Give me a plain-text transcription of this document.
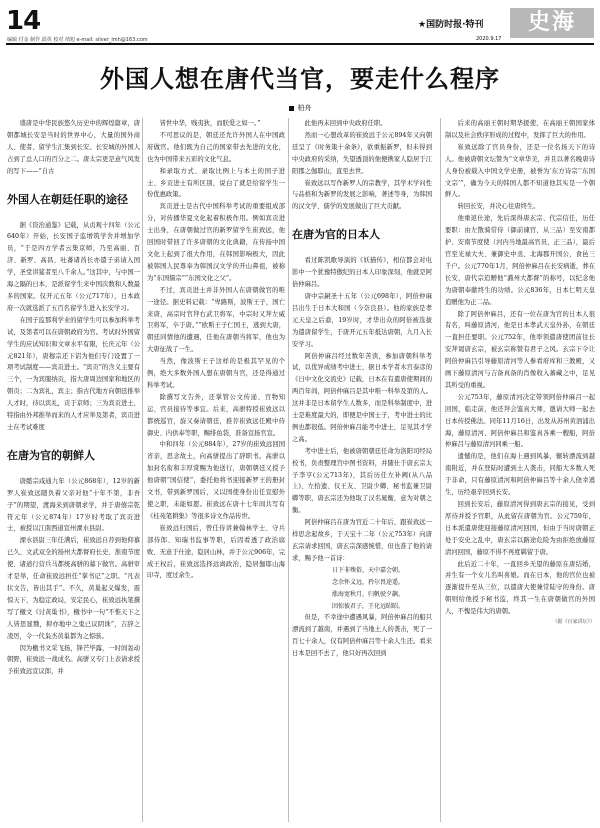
14
编辑 付金 制作 邱英 校对 靖旭 e-mail: silver_lmh@163.com
★国防时报·特刊
2020.9.17
史海
外国人想在唐代当官，要走什么程序
柏舟

盛唐是中华民族悠久历史中的辉煌篇章，唐朝都城长安是当时的世界中心，大量的国外商人、使者、留学生汇集到长安。长安城的外国人占到了总人口的百分之二。唐太宗更是意气风发的写下——“自古

外国人在朝廷任职的途径

据《资治通鉴》记载，从贞观十四年（公元640年）开始，长安国子监增筑学舍并增加学员，“于是四方学者云集京师，乃至高丽、百济、新罗、高昌、吐蕃诸酋长亦遣子弟请入国学，圣堂讲筵者至八千余人。”这其中，与中国一海之隔的日本，是派留学生来中国次数和人数最多的国家。仅开元五年（公元717年），日本政府一次就选派了五百名留学生进入长安学习。

在国子监那利学业的留学生可以参加科举考试，及第者可以在唐朝政府为官。考试时外国留学生的应试知识和文章水平有限，长庆元年（公元821年），唐穆宗还下诏为他们专门设置了一项考试制度——宾贡进士。“宾贡”的含义主要有三个，一为宾服纳贡，指大唐周边国家和地区的朝贡；二为宾礼，宾主；指古代地方向朝廷推举人才时，待以宾礼，贡于京师；三为宾贡进士，特指由外邦推举而来的人才应举及第者，宾贡进士在考试难度

在唐为官的朝鲜人

唐懿宗咸通九年（公元868年），12岁的新罗人崔致远随负着父亲对他“十年不第，非吾子”的期望，渡海来到唐朝求学，并于唐僖宗乾符元年（公元874年）17岁时考取了宾贡进士，被授以江南西道宣州溧水县尉。

溧水县尉三年任满后，崔致远自荐到他仰慕已久、文武双全的扬州大都督府长史、淮南节度使、诸道行营兵马都统高骈的幕下做官。高骈审才是举，任命崔致远担任“掌书记”之职。“凡表状文告，皆出其手”。不久，黄巢起义爆发，震惊天下，为稳定政局，安定民心，崔致远执笔撰写了檄文《讨黄巢书》，檄书中一句“不惟天下之人皆思显戮，抑亦地中之鬼已议阴诛”，吉辞之凌厉，令一代枭杰黄巢都为之惊骇。

因为檄书文采飞扬，锋芒毕露，一时间轰动朝野，崔致远一战成名。高骈又专门上表请求授予崔致远宣议郎，并

皆世中华，贱夷狄，而朕爱之如一。”

不可思议的是，朝廷还允许外国人在中国政府做官。他们既为自己的国家带去先进的文化，也为中国带来五彩的文化气息。

和录取方式、录取比例上与本土的国子进士、乡贡进士有所区别，说白了就是给留学生一份优惠政策。

宾贡进士是古代中国科举考试的重要组成部分，对传播华夏文化起着积极作用。例如宾贡进士出身，在唐朝做过官的新罗留学生崔致远，他回国时带回了许多唐朝的文化典籍，在传扬中国文化上起到了很大作用，在韩国影响极大，因此被韩国人民尊奉为韩国汉文学的开山鼻祖，被称为“东国儒宗”“东国文化之父”。

不过，宾贡进士并非外国人在唐朝做官的唯一途径。据史料记载：“卑路斯，波斯王子，国亡来唐，高宗时官拜右武卫将军，中宗时又拜左威卫将军，卒于唐。”“欧斯王子仁国王，逃到大唐，朝廷同情他的遭遇，任他在唐朝当将军，他也为大唐征战了一生。

当然，像波斯王子这样的是极其罕见的个例，绝大多数外国人想在唐朝当官，还是得通过科举考试。

除撰写文告外，还掌管公文传递、宫物知运、官员接待等事宜。后来，高骈特授崔致远以都统巡官，旋又奏请朝廷，推荐崔致远任殿中侍御史、内供奉等职，赐绯鱼袋，准备宣扬官宣。

中和四年（公元884年），27岁的崔致远回国省亲，思念故土，向高骈提出了辞职书。高骈以加封名衔和丰厚赏赐为他送行，唐朝朝廷又授予他唐朝“国信使”，委托他将书迎接新罗王的册封文书，带到新罗国后，又以国使身份出任宣慰外使之职，未能如愿。崔致远在唐十七年间共写有《桂苑笔耕集》等很多诗文作品传世。

崔致远归国后，曾任侍讲兼翰林学士、守兵部侍郎、知瑞书监事等职，后因看透了政治腐败、无意于仕途，隐居山林，并于公元906年，完成王权后，崔致远选择远离政治，隐居伽耶山海印寺，度过余生。

此他再未回到中央政府任职。

然而一心想改革的崔致远于公元894年又向朝廷呈了《时务策十余条》，欲重振新罗，但未得到中央政府的采纳，失望透顶的他便携家人隐居于江阳郡之伽耶山，直至去世。

崔致远以写作新罗人的宗教学，其学术学问性与品格和为新罗的发展之影响，著述等身，为韩国的汉文学、儒学的发展做出了巨大贡献。

在唐为官的日本人

看过陈凯歌导演的《妖猫传》，相信都会对电影中一个犹豫特傲纪的日本人印象深刻，他就是阿倍仲麻吕。

唐中宗嗣圣十五年（公元698年），阿倍仲麻吕出生于日本大和国（今奈良县）。他的家族是孝元天皇之后裔，19岁时，才华出众的阿倍被选拔为遣唐留学生，于唐开元五年抵达唐朝，九月入长安学习。

阿倍仲麻吕经过数年苦读，参加唐朝科举考试，以优异成绩考中进士，据日本学者木宫泰彦的《日中文化交流史》记载，日本在有遣唐使期间的两百年间，阿倍仲麻吕是其中唯一科举及第的人。这并非是日本留学生人数多，而是科举制度中，进士是难度最大的，即便是中国士子，考中进士的比例也都很低。阿倍仲麻吕能考中进士，足见其才学之高。

考中进士后，他被唐朝朝廷任命为洛阳司经局校书，负责整理宫中图书资料，并随仕于唐玄宗太子李亨(公元713年)，其后历任左补阙(从八品上)、左拾遗、仪王友、卫尉少卿、秘书监兼卫尉卿等职，唐玄宗还为他取了汉名晁衡，意为对朝之衡。

阿倍仲麻吕在唐为官近二十年后，跟崔致远一样思念起故乡，于天宝十二年（公元753年）向唐玄宗请求回国，唐玄宗深感惋惜，但也准了他的请求，赐予他一首诗：

日下非殊俗，天中嘉会朝。

念余怀义远，矜尔畏途遥。

涨海宽秋月，归帆驶夕飙。

因惊彼君子，王化远昭昭。

但是，不幸途中遭遇风暴，阿倍仲麻吕的船只漂流到了越南，并遇到了当地土人的袭击，死了一百七十余人，仅有阿倍仲麻吕等十余人生还。看来日本是回不去了，他只好再次回到

后来的高丽王朝时期华援使，在高丽王朝国家体制以及社会秩序形成的过程中，发挥了巨大的作用。

崔致远除了官员身份，还是一位名扬天下的诗人。他被唐朝文坛赞为“文章华美，并且以著名晚唐诗人身份被载入中国文学史册，被誉为‘东方诗宗’‘东国文宗’”，确为今天的韩国人都不知道他其实是一个朝鲜人。

转回长安，并决心往唐终生。

他重返仕途，先后深得唐玄宗、代宗信任，历任要职：由左散骑常侍（御前谏官，从三品）至安南都护、安南节度使（河内当地最高官员，正三品），最后官至光禄大夫、兼御史中丞、北海郡开国公，食邑三千户。公元770年1月，阿倍仲麻吕在长安病逝，葬在长安，唐代宗追赠他“潞州大都督”的称号，以纪念他为唐朝奉献终生的功绩。公元836年，日本仁明天皇追赠他为正二品。

除了阿倍仲麻吕，还有一位在唐为官的日本人很有名，叫藤原清河，他是日本孝武天皇外孙，在朝廷一直担任要职。公元752年，他率领遣唐使团前往长安拜谒唐玄宗，被玄宗称赞有君子之风。玄宗下令让阿倍仲麻吕引导藤原清河等人参看府库和三教殿，又画下藤原清河与吉备真备的肖像收入蕃藏之中，足见其所受的重视。

公元753年，藤原清河决定带领阿倍仲麻吕一起回国，临走前，他还拜会鉴真大师，邀请大师一起去日本传授佛法。同年11月16日，出发从苏州黄泗浦出海，藤原清河、阿倍仲麻吕和鉴真各乘一艘船，阿倍仲麻吕与藤原清河同乘一船。

遗憾的是，他们在海上遇到风暴，辗转漂流到越南附近，并在登陆时遭到土人袭击，同船大多数人死于非命，只有藤原清河和阿倍仲麻吕等十余人侥幸逃生，历经艰辛回到长安。

回到长安后，藤原清河得到唐玄宗的接见，受到厚待并授予官职，从此留在唐朝为官。公元759年，日本派遣唐使迎接藤原清河回国，但由于当时唐朝正处于安史之乱中，唐玄宗以路途危险为由拒绝放藤原清河回国，藤原不得不再度羁留于唐。

此后近二十年，一直回乡无望的藤原在唐结婚，并生有一个女儿名叫喜娘。而在日本，他的官位也被逐渐提升至从三位，以遣唐大使兼常陆守的身份。唐朝则给他授予秘书监，终其一生在唐朝做官的外国人，不愧是伟大的唐朝。

（据《百家讲坛》）
